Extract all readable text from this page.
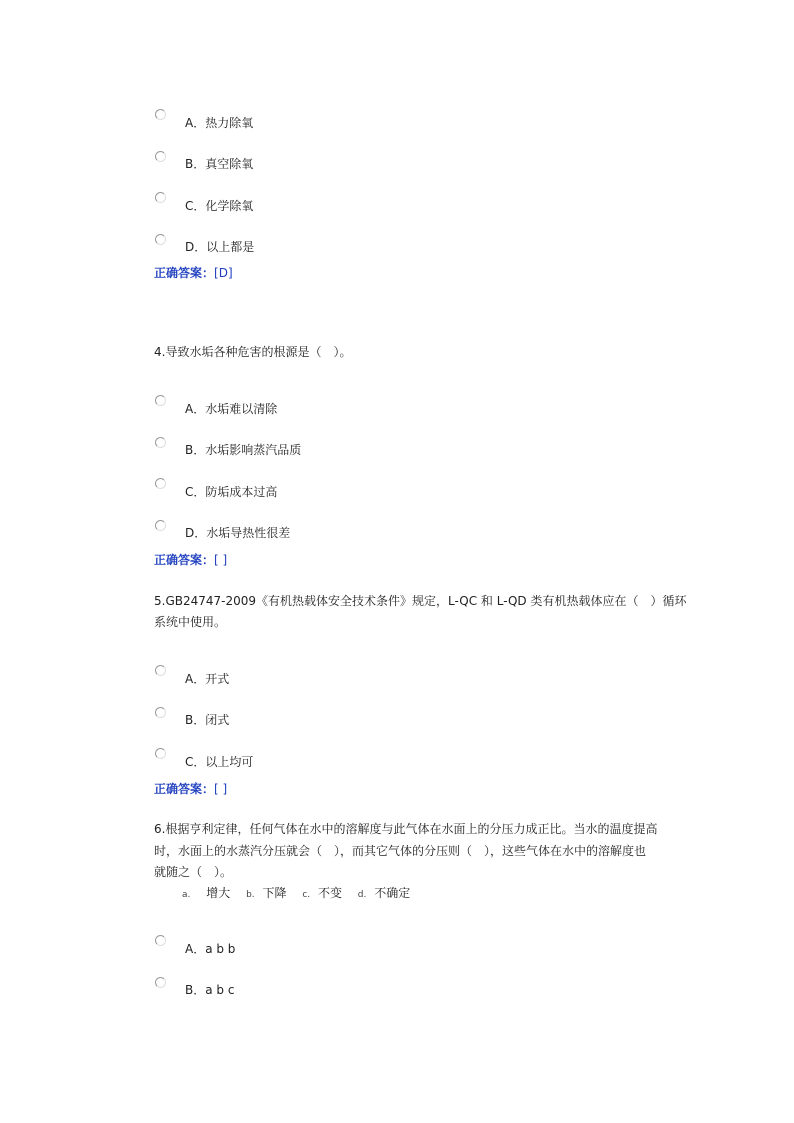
A．热力除氧
B．真空除氧
C．化学除氧
D．以上都是
正确答案：[D]
4.导致水垢各种危害的根源是（　）。
A．水垢难以清除
B．水垢影响蒸汽品质
C．防垢成本过高
D．水垢导热性很差
正确答案：[ ]
5.GB24747-2009《有机热载体安全技术条件》规定，L-QC 和 L-QD 类有机热载体应在（　）循环
系统中使用。
A．开式
B．闭式
C．以上均可
正确答案：[ ]
6.根据亨利定律，任何气体在水中的溶解度与此气体在水面上的分压力成正比。当水的温度提高
时，水面上的水蒸汽分压就会（　），而其它气体的分压则（　），这些气体在水中的溶解度也
就随之（　）。
a. 增大 b. 下降 c. 不变 d. 不确定
A．a b b
B．a b c
